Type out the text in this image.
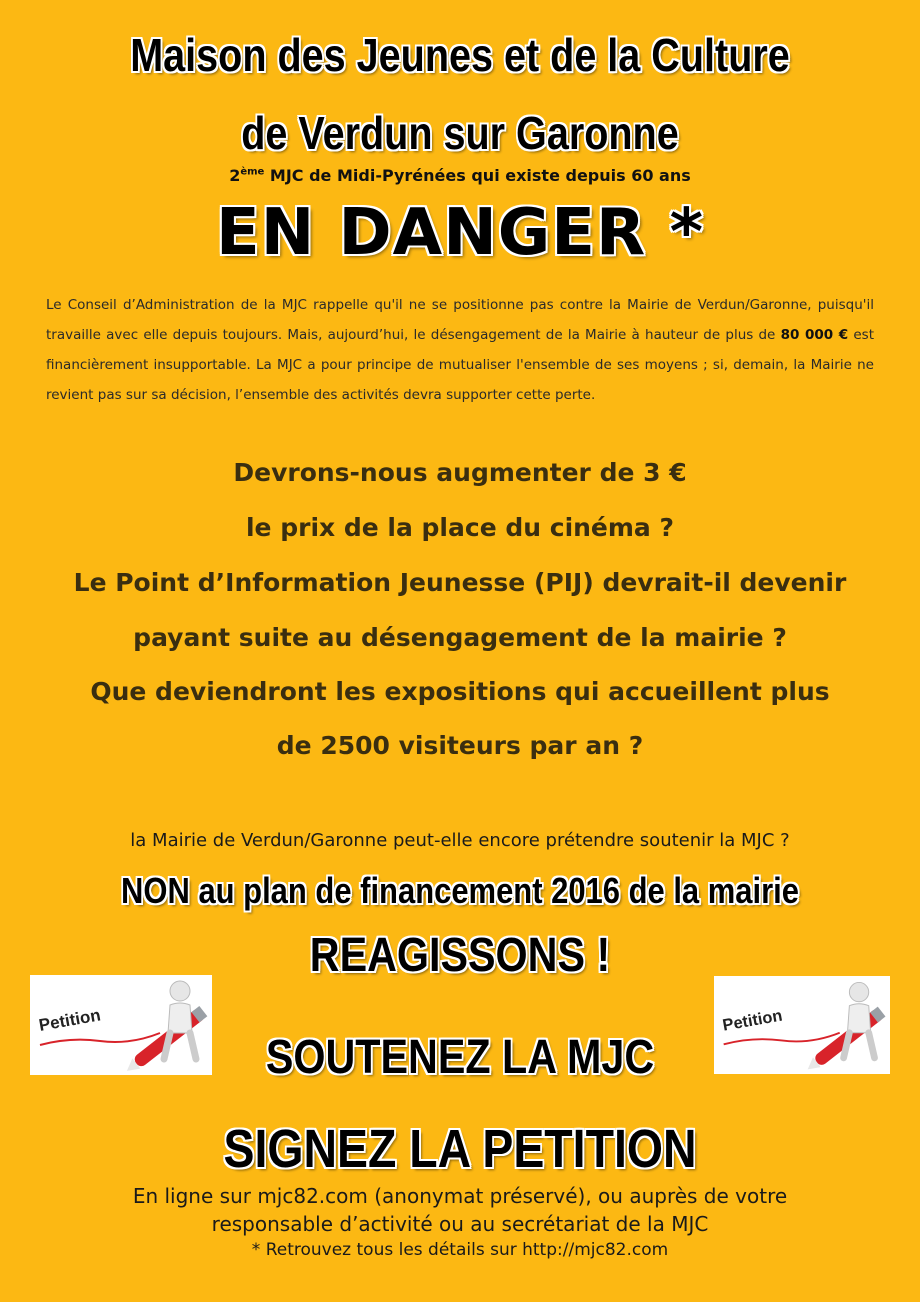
Maison des Jeunes et de la Culture
de Verdun sur Garonne
2ème MJC de Midi-Pyrénées qui existe depuis 60 ans
EN DANGER *
Le Conseil d’Administration de la MJC rappelle qu'il ne se positionne pas contre la Mairie de Verdun/Garonne, puisqu'il travaille avec elle depuis toujours. Mais, aujourd’hui, le désengagement de la Mairie à hauteur de plus de 80 000 € est financièrement insupportable. La MJC a pour principe de mutualiser l'ensemble de ses moyens ; si, demain, la Mairie ne revient pas sur sa décision, l’ensemble des activités devra supporter cette perte.
Devrons-nous augmenter de 3 €
le prix de la place du cinéma ?
Le Point d’Information Jeunesse (PIJ) devrait-il devenir
payant suite au désengagement de la mairie ?
Que deviendront les expositions qui accueillent plus
de 2500 visiteurs par an ?
la Mairie de Verdun/Garonne peut-elle encore prétendre soutenir la MJC ?
NON au plan de financement 2016 de la mairie
REAGISSONS !
SOUTENEZ LA MJC
SIGNEZ LA PETITION
Petition	Petition
En ligne sur mjc82.com (anonymat préservé), ou auprès de votre
responsable d’activité ou au secrétariat de la MJC
* Retrouvez tous les détails sur http://mjc82.com
